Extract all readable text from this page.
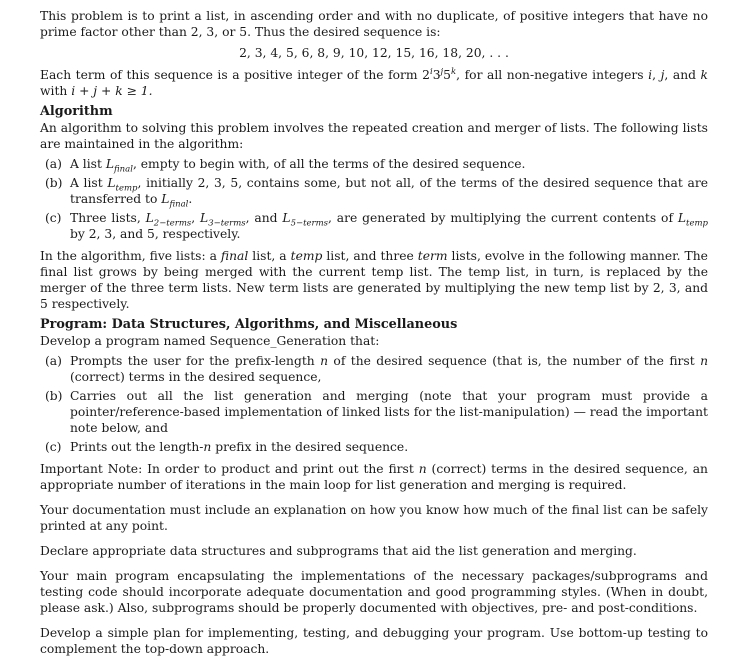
This problem is to print a list, in ascending order and with no duplicate, of positive integers that have no prime factor other than 2, 3, or 5. Thus the desired sequence is:

2, 3, 4, 5, 6, 8, 9, 10, 12, 15, 16, 18, 20, . . .

Each term of this sequence is a positive integer of the form 2$^i$3$^j$5$^k$, for all non-negative integers i, j, and k with i + j + k ≥ 1.

Algorithm

An algorithm to solving this problem involves the repeated creation and merger of lists. The following lists are maintained in the algorithm:

(a) A list $L_{final}$, empty to begin with, of all the terms of the desired sequence.
(b) A list $L_{temp}$, initially 2, 3, 5, contains some, but not all, of the terms of the desired sequence that are transferred to $L_{final}$.
(c) Three lists, $L_{2-terms}$, $L_{3-terms}$, and $L_{5-terms}$, are generated by multiplying the current contents of $L_{temp}$ by 2, 3, and 5, respectively.

In the algorithm, five lists: a final list, a temp list, and three term lists, evolve in the following manner. The final list grows by being merged with the current temp list. The temp list, in turn, is replaced by the merger of the three term lists. New term lists are generated by multiplying the new temp list by 2, 3, and 5 respectively.

Program: Data Structures, Algorithms, and Miscellaneous

Develop a program named Sequence_Generation that:

(a) Prompts the user for the prefix-length n of the desired sequence (that is, the number of the first n (correct) terms in the desired sequence,
(b) Carries out all the list generation and merging (note that your program must provide a pointer/reference-based implementation of linked lists for the list-manipulation) — read the important note below, and
(c) Prints out the length-n prefix in the desired sequence.

Important Note: In order to product and print out the first n (correct) terms in the desired sequence, an appropriate number of iterations in the main loop for list generation and merging is required.

Your documentation must include an explanation on how you know how much of the final list can be safely printed at any point.

Declare appropriate data structures and subprograms that aid the list generation and merging.

Your main program encapsulating the implementations of the necessary packages/subprograms and testing code should incorporate adequate documentation and good programming styles. (When in doubt, please ask.) Also, subprograms should be properly documented with objectives, pre- and post-conditions.

Develop a simple plan for implementing, testing, and debugging your program. Use bottom-up testing to complement the top-down approach.
